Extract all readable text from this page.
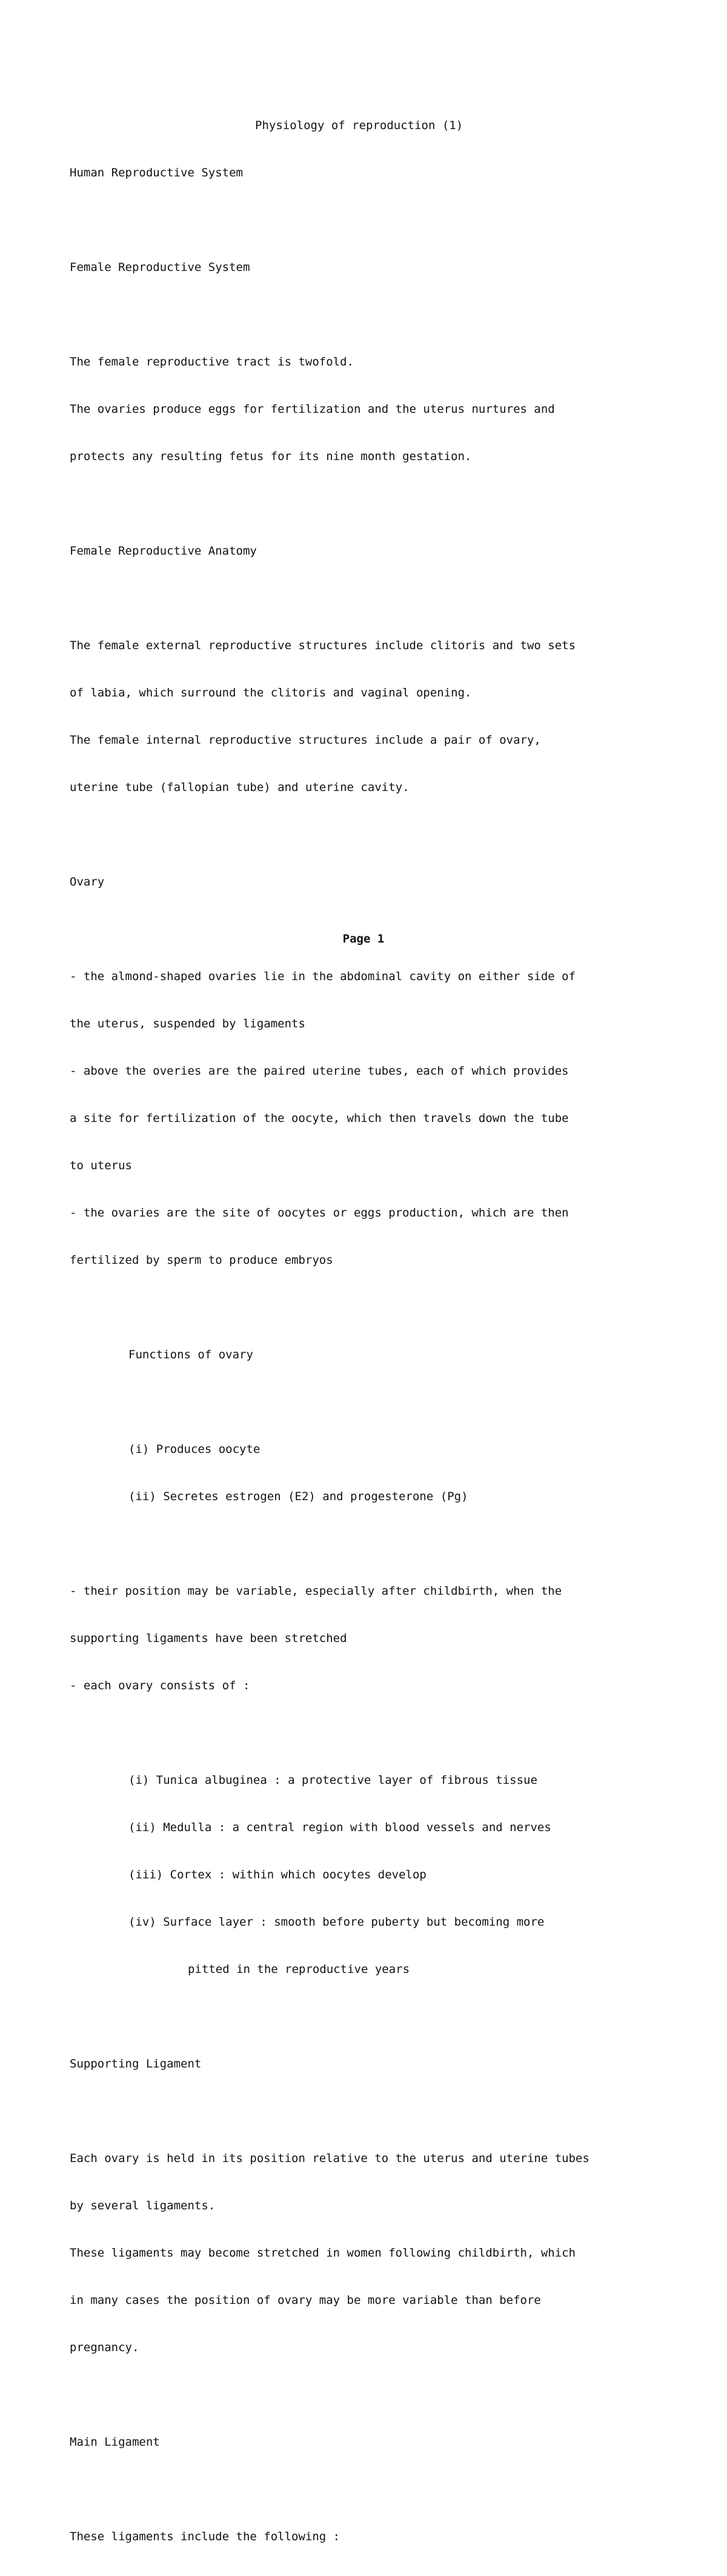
Physiology of reproduction (1)

Human Reproductive System

Female Reproductive System

The female reproductive tract is twofold.

The ovaries produce eggs for fertilization and the uterus nurtures and

protects any resulting fetus for its nine month gestation.

Female Reproductive Anatomy

The female external reproductive structures include clitoris and two sets

of labia, which surround the clitoris and vaginal opening.

The female internal reproductive structures include a pair of ovary,

uterine tube (fallopian tube) and uterine cavity.

Ovary

- the almond-shaped ovaries lie in the abdominal cavity on either side of

the uterus, suspended by ligaments

- above the overies are the paired uterine tubes, each of which provides

a site for fertilization of the oocyte, which then travels down the tube

to uterus

- the ovaries are the site of oocytes or eggs production, which are then

fertilized by sperm to produce embryos

Functions of ovary

(i) Produces oocyte

(ii) Secretes estrogen (E2) and progesterone (Pg)

- their position may be variable, especially after childbirth, when the

supporting ligaments have been stretched

- each ovary consists of :

(i) Tunica albuginea : a protective layer of fibrous tissue

(ii) Medulla : a central region with blood vessels and nerves

(iii) Cortex : within which oocytes develop

(iv) Surface layer : smooth before puberty but becoming more

pitted in the reproductive years

Supporting Ligament

Each ovary is held in its position relative to the uterus and uterine tubes

by several ligaments.

These ligaments may become stretched in women following childbirth, which

in many cases the position of ovary may be more variable than before

pregnancy.

Main Ligament

These ligaments include the following :

Page 1
